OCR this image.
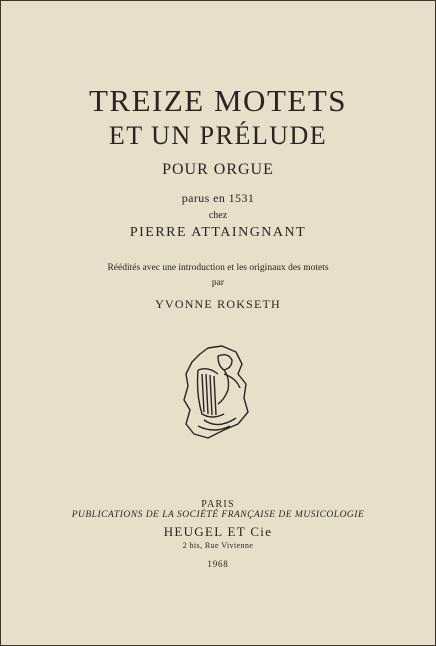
TREIZE MOTETS
ET UN PRÉLUDE
POUR ORGUE
parus en 1531
chez
PIERRE ATTAINGNANT
Réédités avec une introduction et les originaux des motets
par
YVONNE ROKSETH
PARIS
PUBLICATIONS DE LA SOCIÉTÉ FRANÇAISE DE MUSICOLOGIE
HEUGEL ET Cie
2 bis, Rue Vivienne
1968
